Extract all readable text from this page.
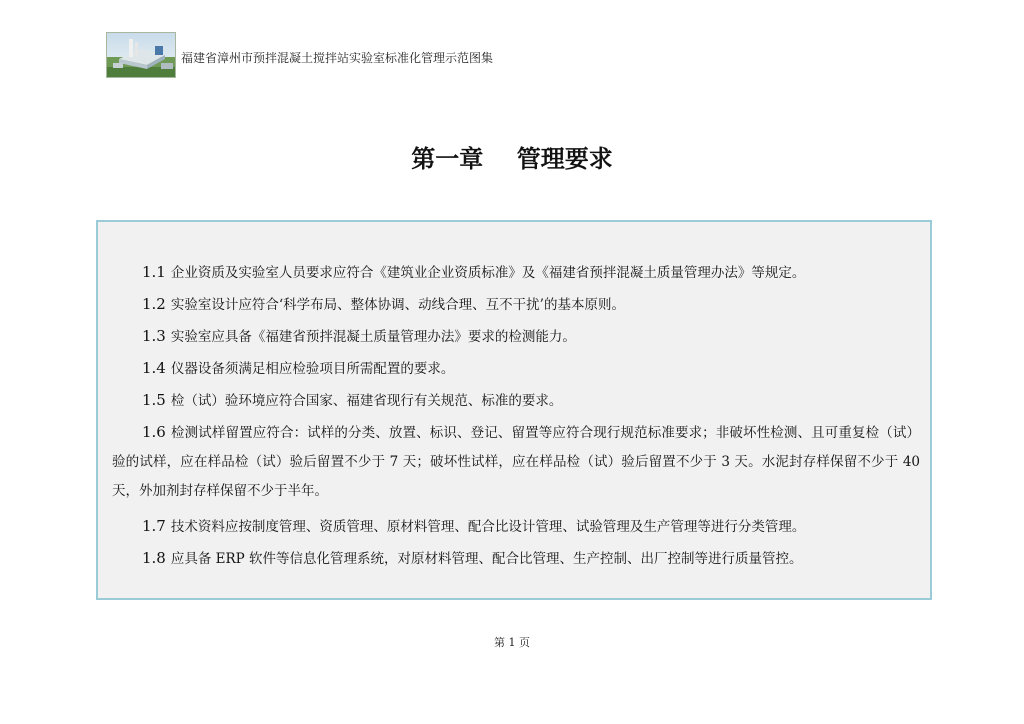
福建省漳州市预拌混凝土搅拌站实验室标准化管理示范图集
第一章    管理要求

1.1 企业资质及实验室人员要求应符合《建筑业企业资质标准》及《福建省预拌混凝土质量管理办法》等规定。

1.2 实验室设计应符合‘科学布局、整体协调、动线合理、互不干扰’的基本原则。

1.3 实验室应具备《福建省预拌混凝土质量管理办法》要求的检测能力。

1.4 仪器设备须满足相应检验项目所需配置的要求。

1.5 检（试）验环境应符合国家、福建省现行有关规范、标准的要求。

1.6 检测试样留置应符合：试样的分类、放置、标识、登记、留置等应符合现行规范标准要求；非破坏性检测、且可重复检（试）验的试样，应在样品检（试）验后留置不少于 7 天；破坏性试样，应在样品检（试）验后留置不少于 3 天。水泥封存样保留不少于 40 天，外加剂封存样保留不少于半年。

1.7 技术资料应按制度管理、资质管理、原材料管理、配合比设计管理、试验管理及生产管理等进行分类管理。

1.8 应具备 ERP 软件等信息化管理系统，对原材料管理、配合比管理、生产控制、出厂控制等进行质量管控。

第 1 页
